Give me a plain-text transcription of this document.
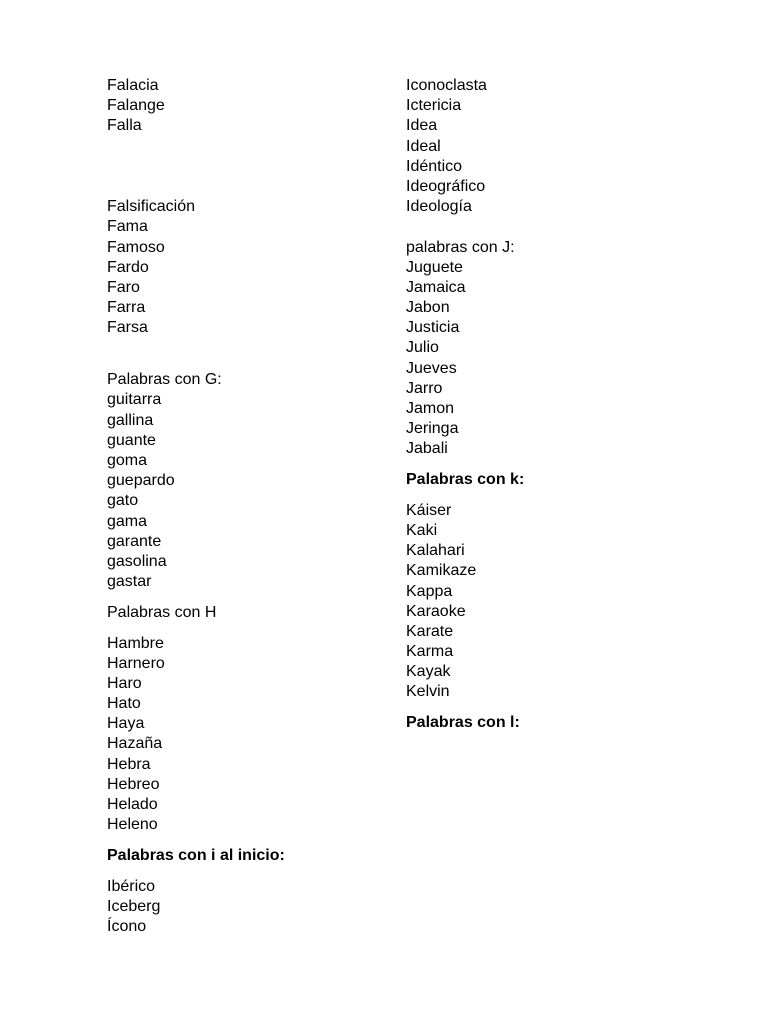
Falacia
Falange
Falla
Falsificación
Fama
Famoso
Fardo
Faro
Farra
Farsa
Palabras con G:
guitarra
gallina
guante
goma
guepardo
gato
gama
garante
gasolina
gastar
Palabras con H
Hambre
Harnero
Haro
Hato
Haya
Hazaña
Hebra
Hebreo
Helado
Heleno
Palabras con i al inicio:
Ibérico
Iceberg
Ícono
Iconoclasta
Ictericia
Idea
Ideal
Idéntico
Ideográfico
Ideología
palabras con J:
Juguete
Jamaica
Jabon
Justicia
Julio
Jueves
Jarro
Jamon
Jeringa
Jabali
Palabras con k:
Káiser
Kaki
Kalahari
Kamikaze
Kappa
Karaoke
Karate
Karma
Kayak
Kelvin
Palabras con l:
